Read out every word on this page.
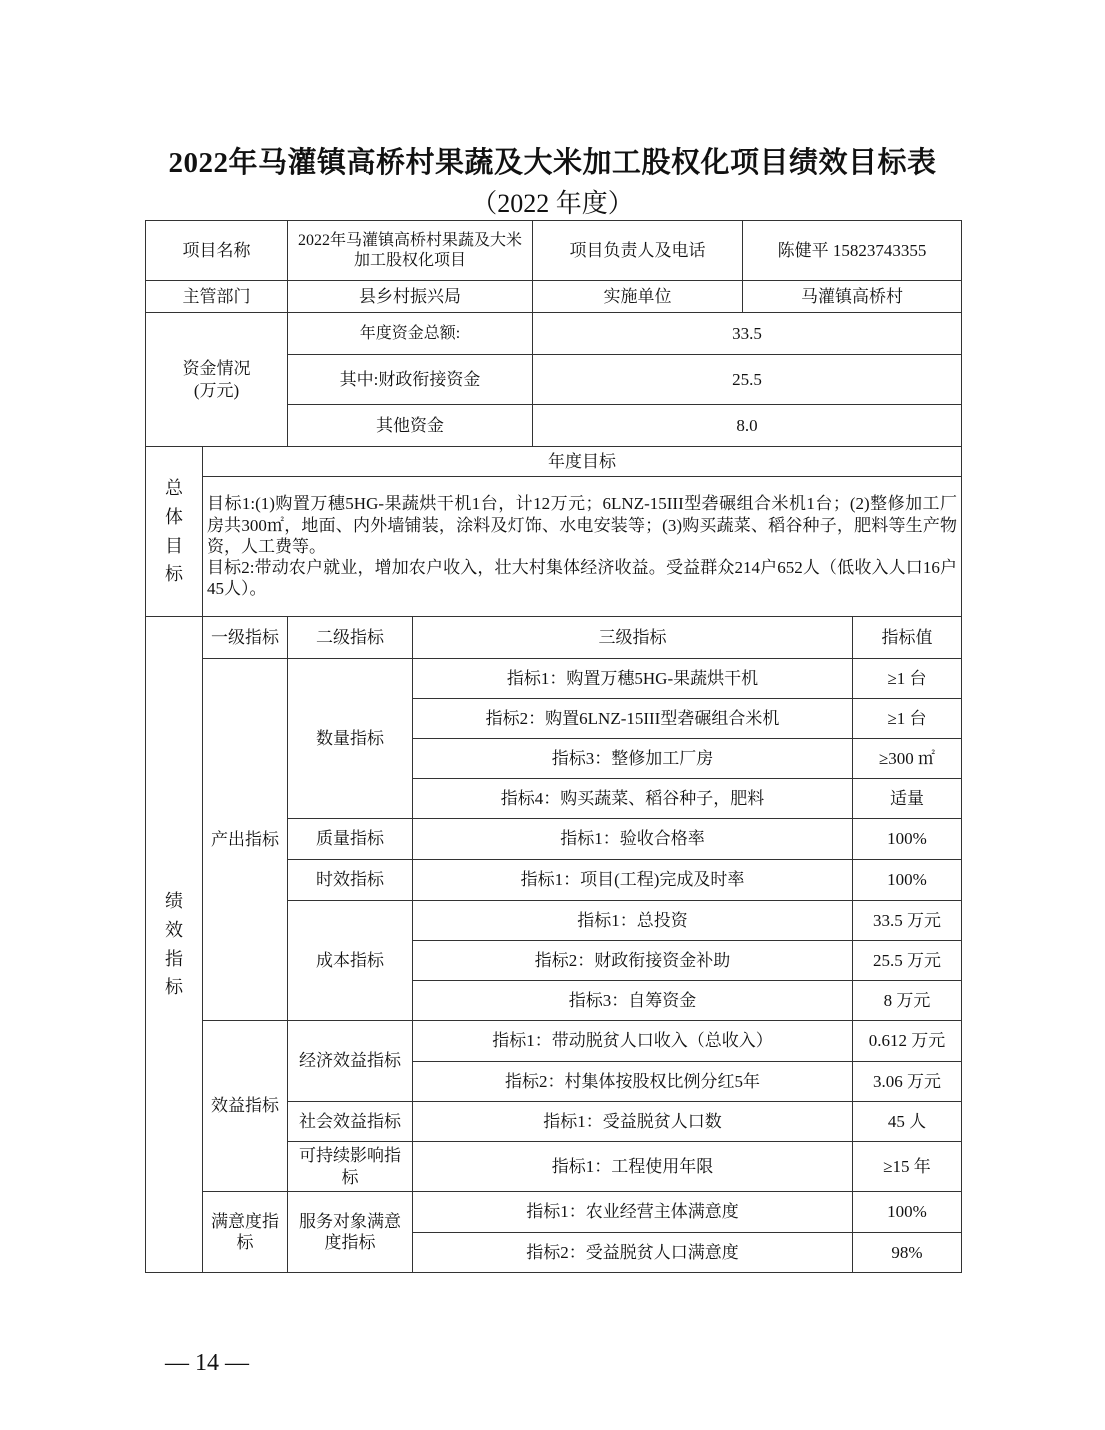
2022年马灌镇高桥村果蔬及大米加工股权化项目绩效目标表
（2022 年度）
项目名称		2022年马灌镇高桥村果蔬及大米加工股权化项目		项目负责人及电话	陈健平 15823743355	
主管部门		县乡村振兴局		实施单位	马灌镇高桥村	
资金情况
(万元)		年度资金总额:		33.5		
		其中:财政衔接资金		25.5		
		其他资金		8.0		
总体目标	年度目标					

	目标1:(1)购置万穗5HG-果蔬烘干机1台，计12万元；6LNZ-15III型砻碾组合米机1台；(2)整修加工厂房共300㎡，地面、内外墙铺装，涂料及灯饰、水电安装等；(3)购买蔬菜、稻谷种子，肥料等生产物资，人工费等。
目标2:带动农户就业，增加农户收入，壮大村集体经济收益。受益群众214户652人（低收入人口16户45人）。					

绩效指标	一级指标	二级指标	三级指标			指标值
	产出指标	数量指标	指标1：购置万穗5HG-果蔬烘干机			≥1 台
			指标2：购置6LNZ-15III型砻碾组合米机			≥1 台
			指标3：整修加工厂房			≥300 ㎡
			指标4：购买蔬菜、稻谷种子，肥料			适量
		质量指标	指标1：验收合格率			100%
		时效指标	指标1：项目(工程)完成及时率			100%
		成本指标	指标1：总投资			33.5 万元
			指标2：财政衔接资金补助			25.5 万元
			指标3：自筹资金			8 万元
	效益指标	经济效益指标	指标1：带动脱贫人口收入（总收入）			0.612 万元
			指标2：村集体按股权比例分红5年			3.06 万元
		社会效益指标	指标1：受益脱贫人口数			45 人
		可持续影响指标	指标1：工程使用年限			≥15 年
	满意度指标	服务对象满意度指标	指标1：农业经营主体满意度			100%
			指标2：受益脱贫人口满意度			98%
— 14 —
